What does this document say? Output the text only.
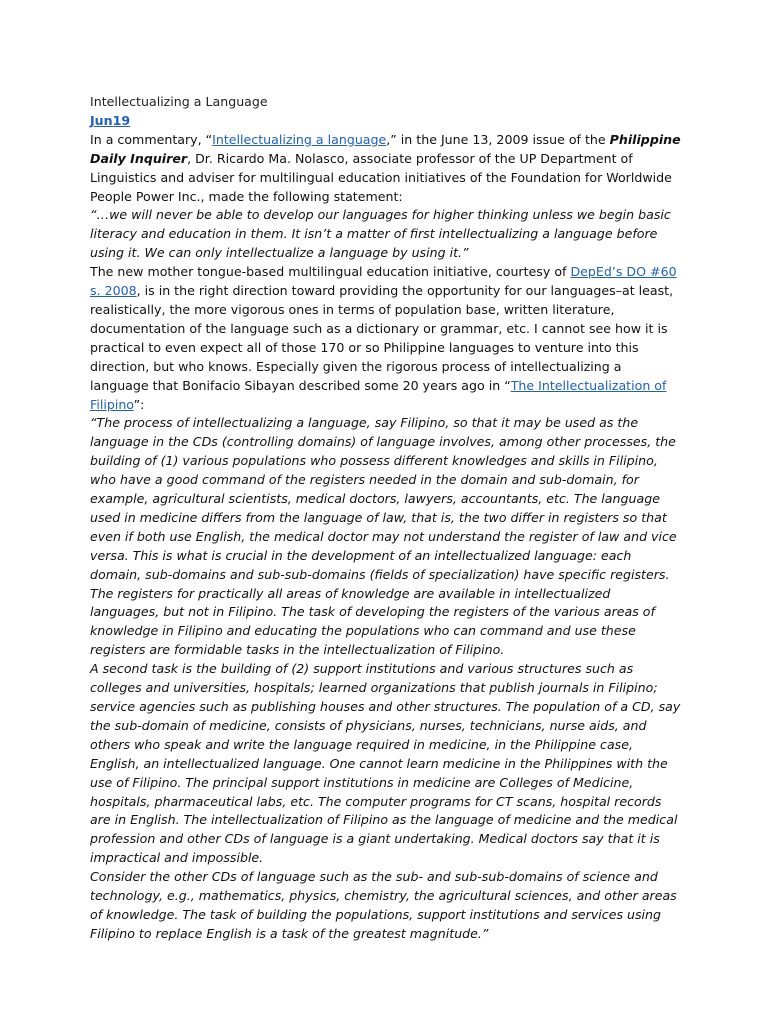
Intellectualizing a Language

Jun19

In a commentary, “Intellectualizing a language,” in the June 13, 2009 issue of the Philippine Daily Inquirer, Dr. Ricardo Ma. Nolasco, associate professor of the UP Department of Linguistics and adviser for multilingual education initiatives of the Foundation for Worldwide People Power Inc., made the following statement:

“…we will never be able to develop our languages for higher thinking unless we begin basic literacy and education in them. It isn’t a matter of first intellectualizing a language before using it. We can only intellectualize a language by using it.”

The new mother tongue-based multilingual education initiative, courtesy of DepEd’s DO #60 s. 2008, is in the right direction toward providing the opportunity for our languages–at least, realistically, the more vigorous ones in terms of population base, written literature, documentation of the language such as a dictionary or grammar, etc. I cannot see how it is practical to even expect all of those 170 or so Philippine languages to venture into this direction, but who knows. Especially given the rigorous process of intellectualizing a language that Bonifacio Sibayan described some 20 years ago in “The Intellectualization of Filipino”:

“The process of intellectualizing a language, say Filipino, so that it may be used as the language in the CDs (controlling domains) of language involves, among other processes, the building of (1) various populations who possess different knowledges and skills in Filipino, who have a good command of the registers needed in the domain and sub-domain, for example, agricultural scientists, medical doctors, lawyers, accountants, etc. The language used in medicine differs from the language of law, that is, the two differ in registers so that even if both use English, the medical doctor may not understand the register of law and vice versa. This is what is crucial in the development of an intellectualized language: each domain, sub-domains and sub-sub-domains (fields of specialization) have specific registers. The registers for practically all areas of knowledge are available in intellectualized languages, but not in Filipino. The task of developing the registers of the various areas of knowledge in Filipino and educating the populations who can command and use these registers are formidable tasks in the intellectualization of Filipino.

A second task is the building of (2) support institutions and various structures such as colleges and universities, hospitals; learned organizations that publish journals in Filipino; service agencies such as publishing houses and other structures. The population of a CD, say the sub-domain of medicine, consists of physicians, nurses, technicians, nurse aids, and others who speak and write the language required in medicine, in the Philippine case, English, an intellectualized language. One cannot learn medicine in the Philippines with the use of Filipino. The principal support institutions in medicine are Colleges of Medicine, hospitals, pharmaceutical labs, etc. The computer programs for CT scans, hospital records are in English. The intellectualization of Filipino as the language of medicine and the medical profession and other CDs of language is a giant undertaking. Medical doctors say that it is impractical and impossible.

Consider the other CDs of language such as the sub- and sub-sub-domains of science and technology, e.g., mathematics, physics, chemistry, the agricultural sciences, and other areas of knowledge. The task of building the populations, support institutions and services using Filipino to replace English is a task of the greatest magnitude.”
